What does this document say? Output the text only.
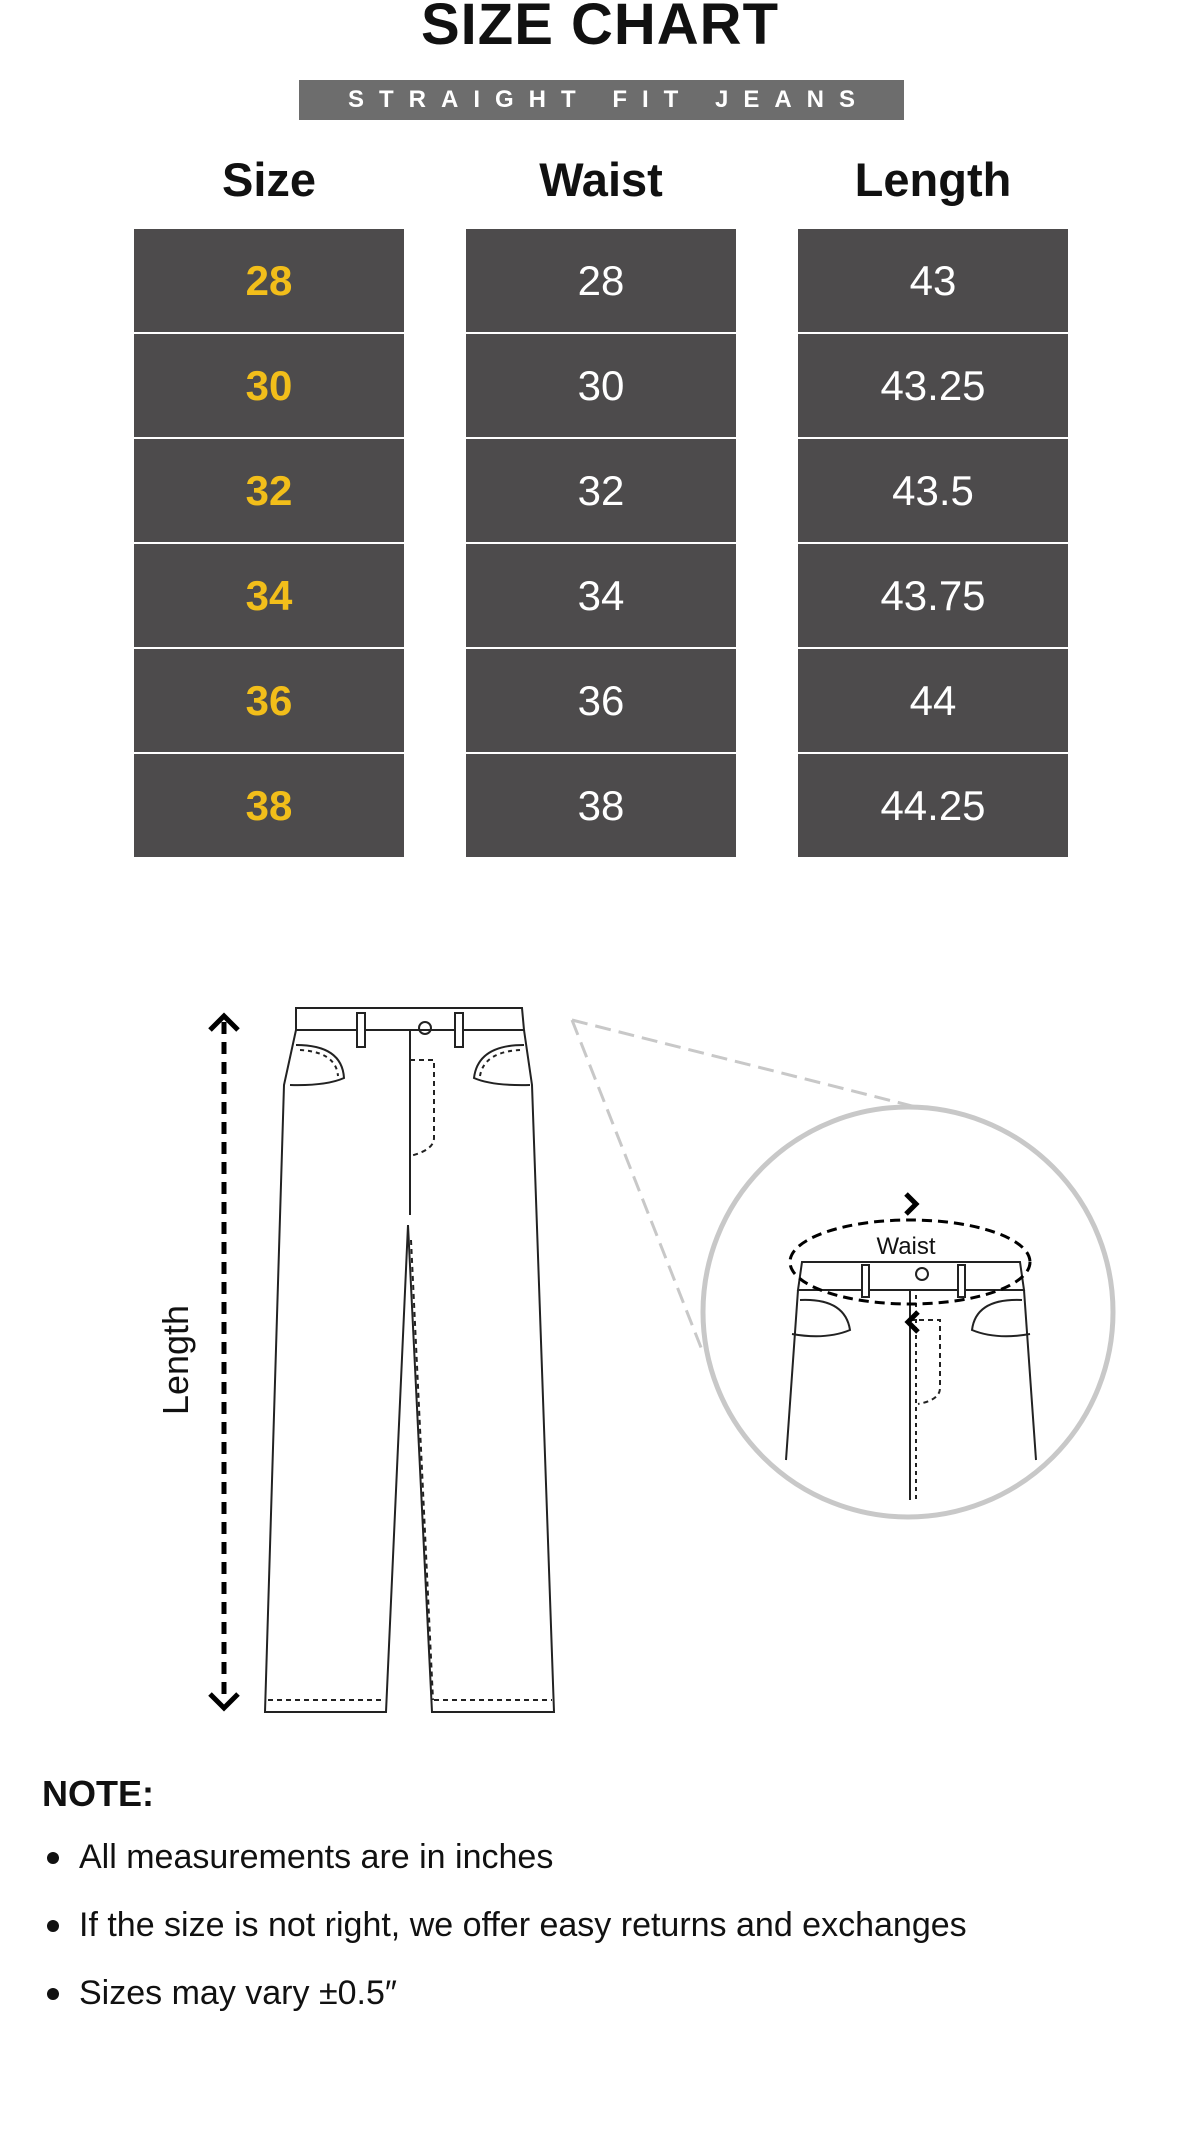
SIZE CHART
STRAIGHT FIT JEANS
Size	Waist	Length
28
30
32
34
36
38
28
30
32
34
36
38
43
43.25
43.5
43.75
44
44.25
Length
Waist
NOTE:
All measurements are in inches
If the size is not right, we offer easy returns and exchanges
Sizes may vary ±0.5″
